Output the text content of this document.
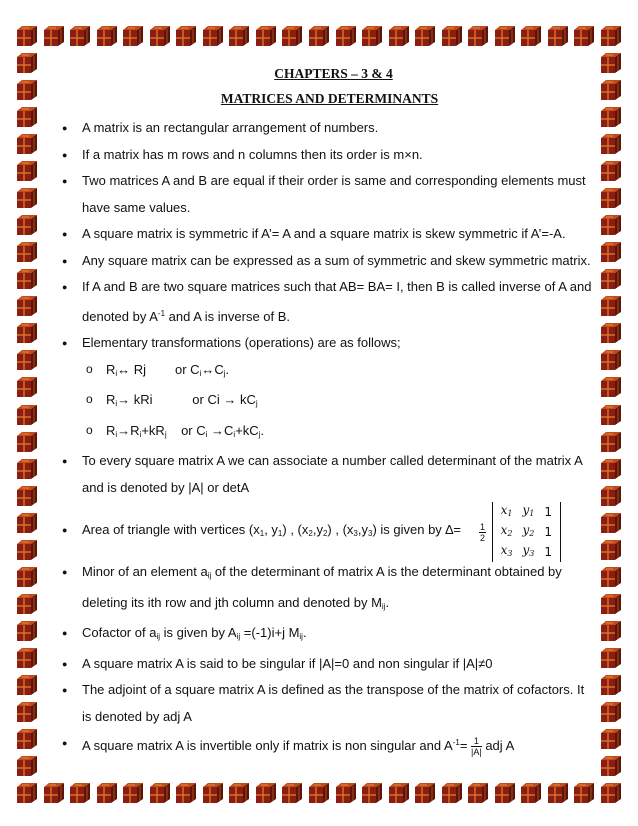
CHAPTERS – 3 & 4

MATRICES AND DETERMINANTS

● A matrix is an rectangular arrangement of numbers.
● If a matrix has m rows and n columns then its order is m×n.
● Two matrices A and B are equal if their order is same and corresponding elements must have same values.
● A square matrix is symmetric if A’= A and a square matrix is skew symmetric if A’=-A.
● Any square matrix can be expressed as a sum of symmetric and skew symmetric matrix.
● If A and B are two square matrices such that AB= BA= I, then B is called inverse of A and denoted by $A^{-1}$ and A is inverse of B.
● Elementary transformations (operations) are as follows;
o $R_i\leftrightarrow$ Rj or $C_i\leftrightarrow C_j$.
o $R_i\to$ kRi	or $Ci \to kC_j$
o $R_i\to R_i+kR_j$ or $C_i \to C_i+kC_j$.
● To every square matrix A we can associate a number called determinant of the matrix A and is denoted by |A| or detA
● Area of triangle with vertices ($x_1$, $y_1$) , $(x_2,y_2)$ , $(x_3,y_3)$ is given by ∆= $\frac{1}{2}$

$x_1$	$y_1$	1
$x_2$	$y_2$	1
$x_3$	$y_3$	1
● Minor of an element $a_{ij}$ of the determinant of matrix A is the determinant obtained by deleting its ith row and jth column and denoted by $M_{ij}$.
● Cofactor of $a_{ij}$ is given by $A_{ij} =(-1)i+j$ $M_{ij}$.
● A square matrix A is said to be singular if |A|=0 and non singular if |A|≠0
● The adjoint of a square matrix A is defined as the transpose of the matrix of cofactors. It is denoted by adj A
● A square matrix A is invertible only if matrix is non singular and $A^{-1}= \frac{1}{|A|}$ adj A
